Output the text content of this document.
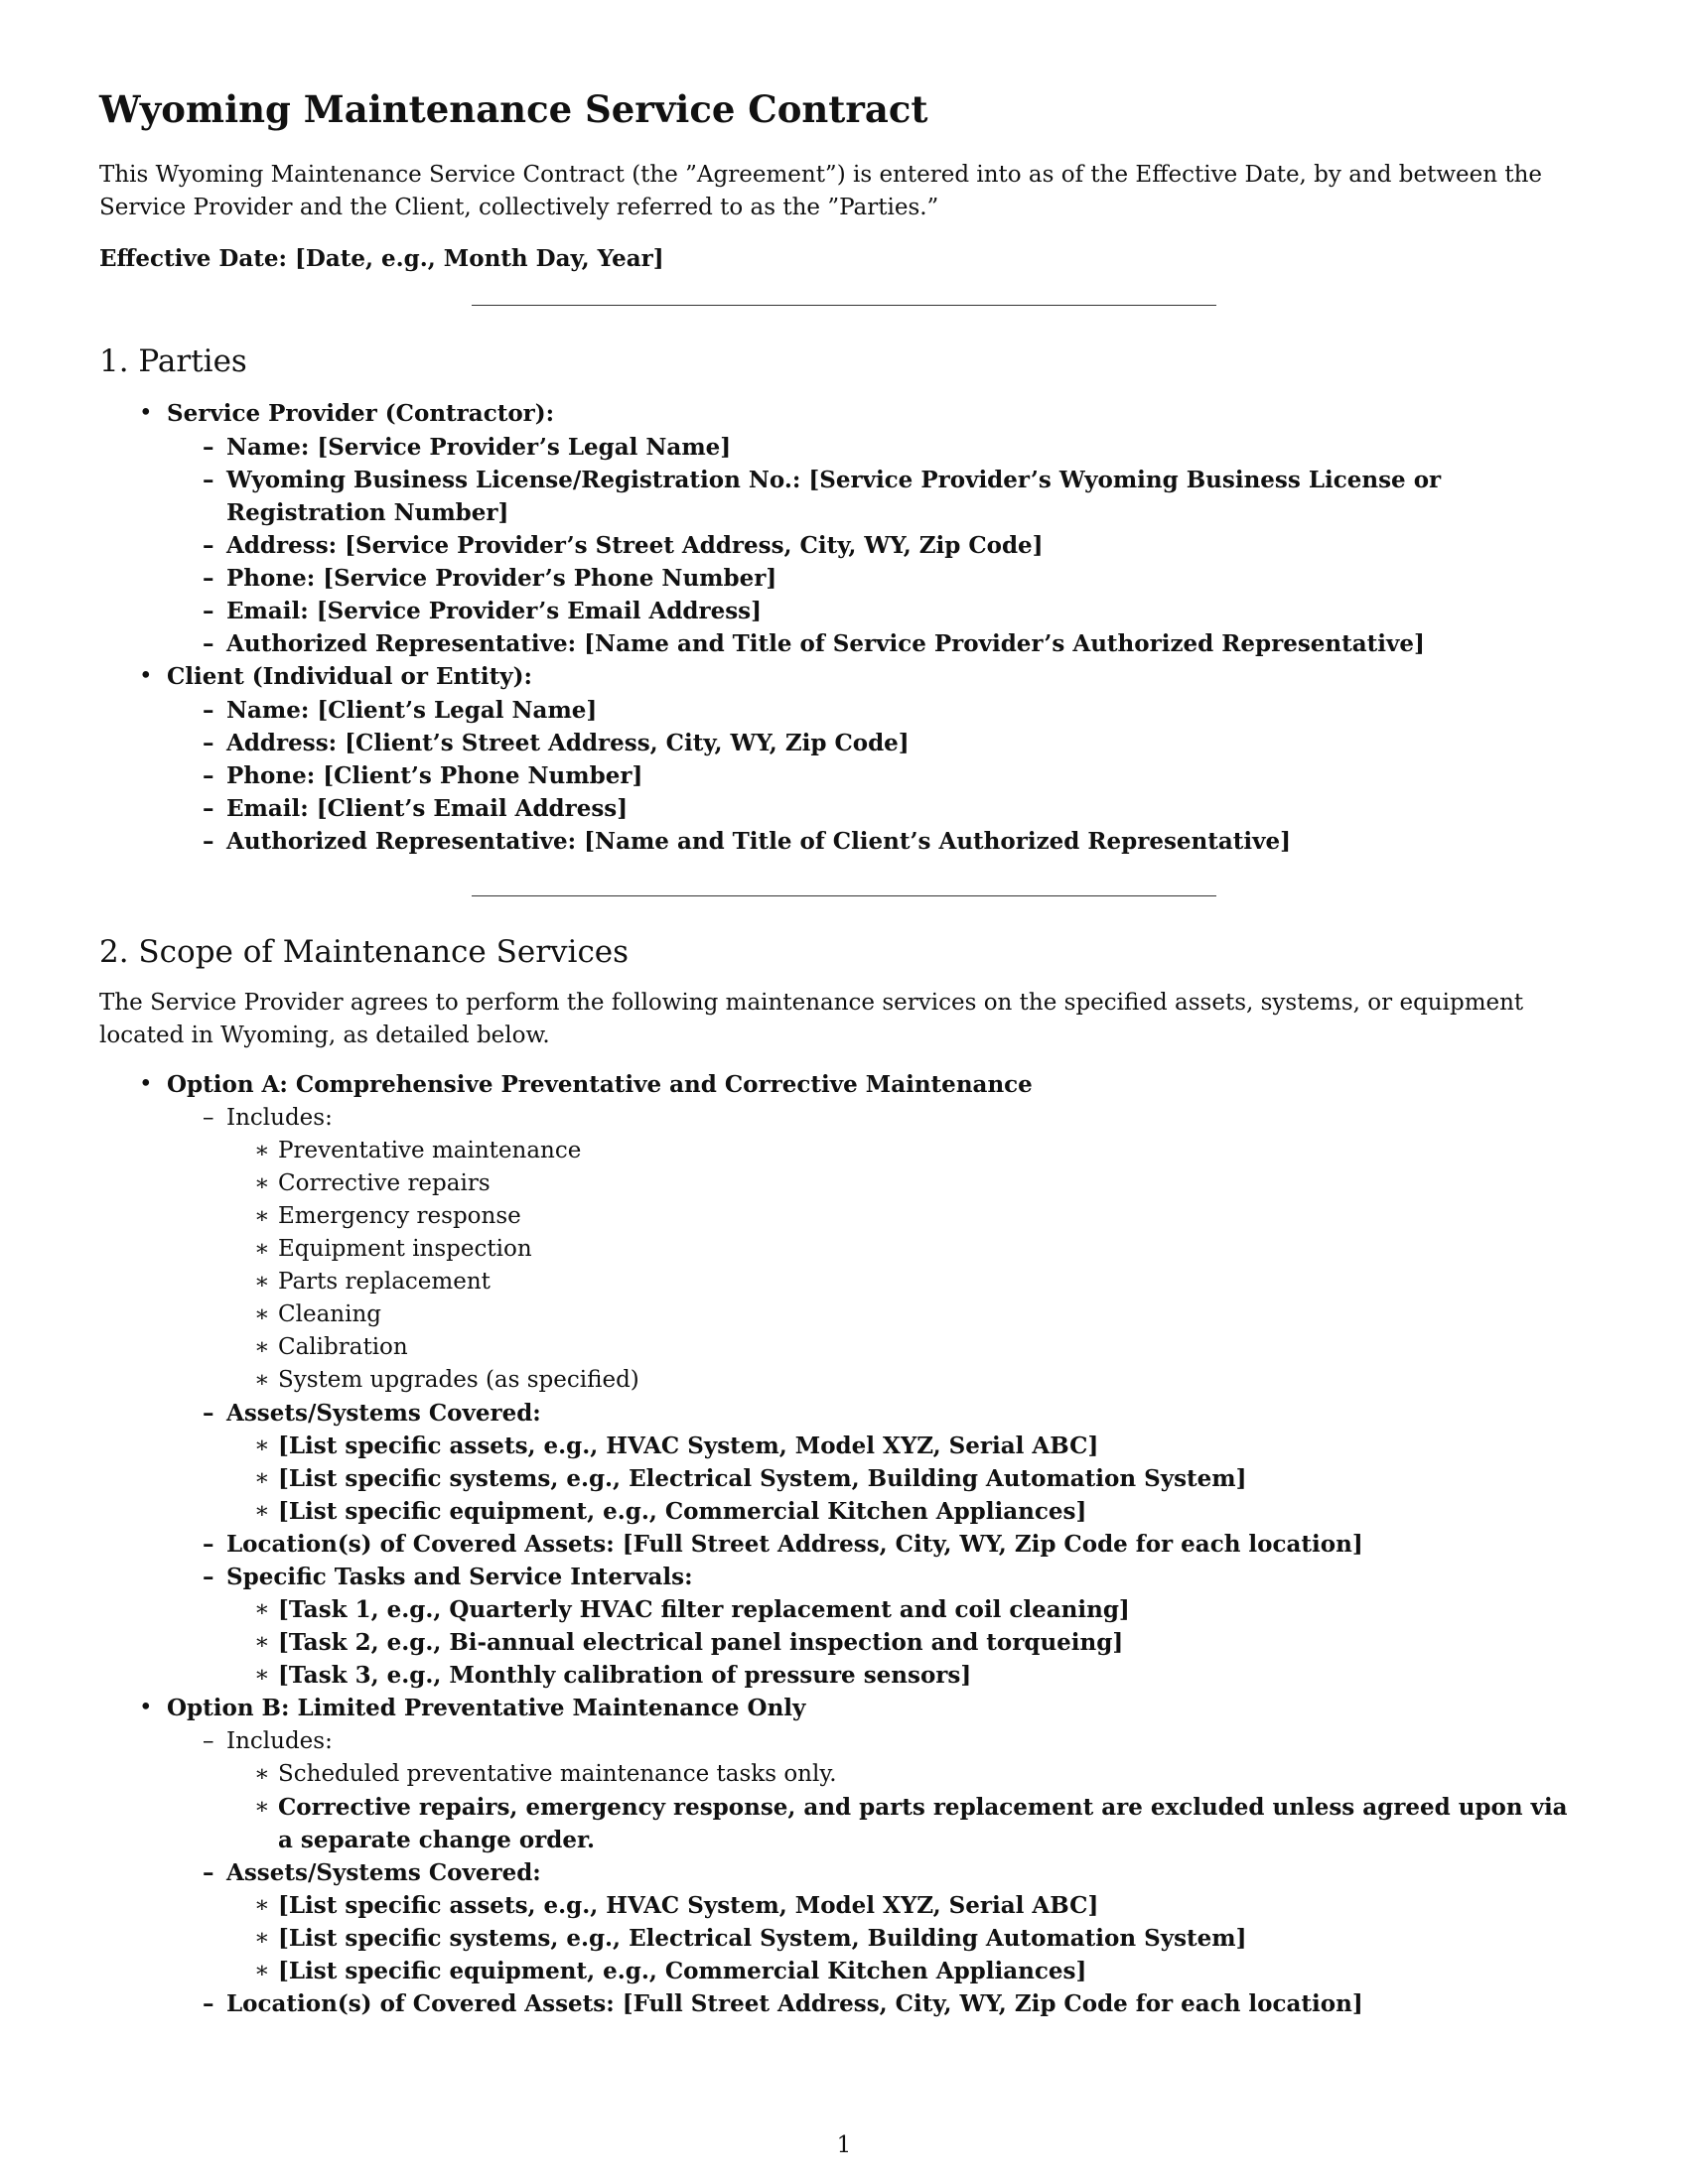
Wyoming Maintenance Service Contract

This Wyoming Maintenance Service Contract (the ”Agreement”) is entered into as of the Effective Date, by and between the Service Provider and the Client, collectively referred to as the ”Parties.”

Effective Date: [Date, e.g., Month Day, Year]

1. Parties
• Service Provider (Contractor):
– Name: [Service Provider’s Legal Name]
– Wyoming Business License/Registration No.: [Service Provider’s Wyoming Business License or Registration Number]
– Address: [Service Provider’s Street Address, City, WY, Zip Code]
– Phone: [Service Provider’s Phone Number]
– Email: [Service Provider’s Email Address]
– Authorized Representative: [Name and Title of Service Provider’s Authorized Representative]
• Client (Individual or Entity):
– Name: [Client’s Legal Name]
– Address: [Client’s Street Address, City, WY, Zip Code]
– Phone: [Client’s Phone Number]
– Email: [Client’s Email Address]
– Authorized Representative: [Name and Title of Client’s Authorized Representative]
2. Scope of Maintenance Services

The Service Provider agrees to perform the following maintenance services on the specified assets, systems, or equipment located in Wyoming, as detailed below.

• Option A: Comprehensive Preventative and Corrective Maintenance
– Includes:
∗ Preventative maintenance
∗ Corrective repairs
∗ Emergency response
∗ Equipment inspection
∗ Parts replacement
∗ Cleaning
∗ Calibration
∗ System upgrades (as specified)
– Assets/Systems Covered:
∗ [List specific assets, e.g., HVAC System, Model XYZ, Serial ABC]
∗ [List specific systems, e.g., Electrical System, Building Automation System]
∗ [List specific equipment, e.g., Commercial Kitchen Appliances]
– Location(s) of Covered Assets: [Full Street Address, City, WY, Zip Code for each location]
– Specific Tasks and Service Intervals:
∗ [Task 1, e.g., Quarterly HVAC filter replacement and coil cleaning]
∗ [Task 2, e.g., Bi-annual electrical panel inspection and torqueing]
∗ [Task 3, e.g., Monthly calibration of pressure sensors]
• Option B: Limited Preventative Maintenance Only
– Includes:
∗ Scheduled preventative maintenance tasks only.
∗ Corrective repairs, emergency response, and parts replacement are excluded unless agreed upon via a separate change order.
– Assets/Systems Covered:
∗ [List specific assets, e.g., HVAC System, Model XYZ, Serial ABC]
∗ [List specific systems, e.g., Electrical System, Building Automation System]
∗ [List specific equipment, e.g., Commercial Kitchen Appliances]
– Location(s) of Covered Assets: [Full Street Address, City, WY, Zip Code for each location]
1
